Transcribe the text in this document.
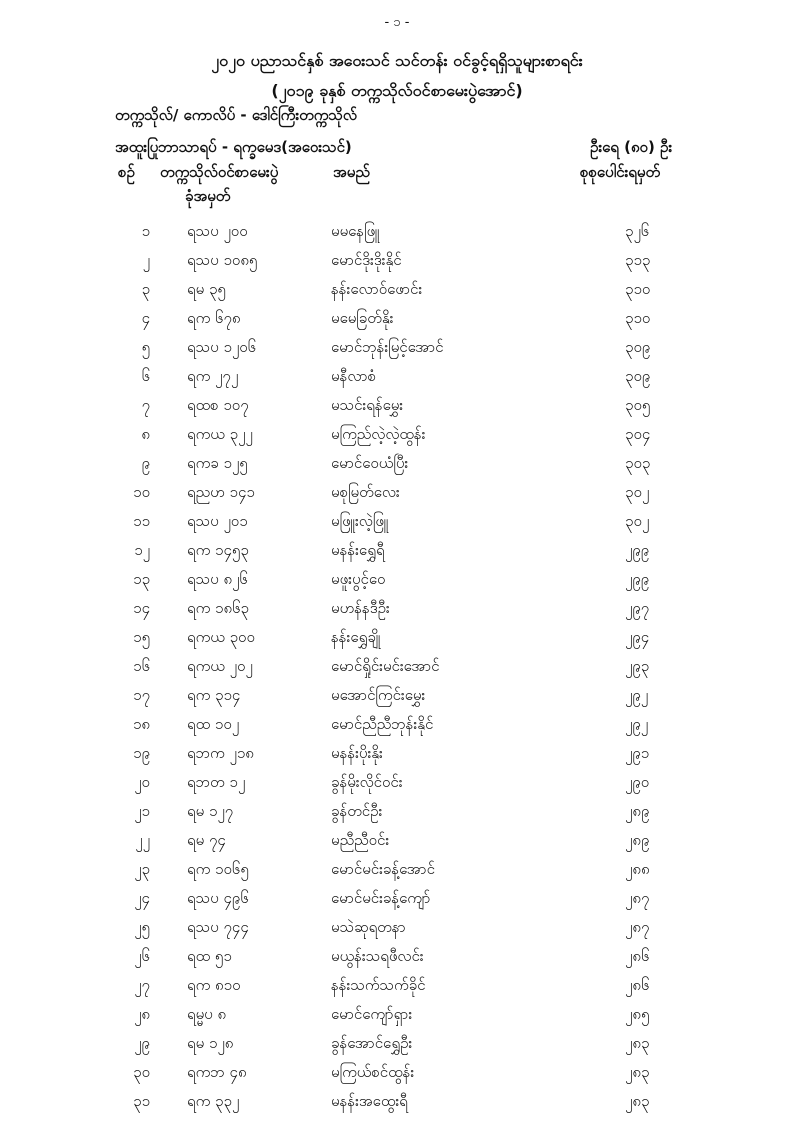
- ၁ -
၂၀၂၀ ပညာသင်နှစ် အဝေးသင် သင်တန်း ဝင်ခွင့်ရရှိသူများစာရင်း
(၂၀၁၉ ခုနှစ် တက္ကသိုလ်ဝင်စာမေးပွဲအောင်)
တက္ကသိုလ်/ ကောလိပ် - ဒေါင်ကြီးတက္ကသိုလ်
အထူးပြုဘာသာရပ် - ရက္ခမေဒ(အဝေးသင်)	ဦးရေ (၈၀) ဦး
စဉ် တက္ကသိုလ်ဝင်စာမေးပွဲ
ခုံအမှတ်
အမည်	စုစုပေါင်းရမှတ်
၁ ရသပ ၂၀၀	မမနေဖြူ	၃၂၆
၂ ရသပ ၁၀၈၅	မောင်ဒိုးဒိုးနိုင်	၃၁၃
၃ ရမ ၃၅	နန်းလောဝ်ဖောင်း	၃၁၀
၄ ရက ၆၇၈	မမေခြတ်နိုး	၃၁၀
၅ ရသပ ၁၂၀၆	မောင်ဘုန်းမြင့်အောင်	၃၀၉
၆ ရက ၂၇၂	မနီလာစံ	၃၀၉
၇ ရထစ ၁၀၇	မသင်းရန်မွှေး	၃၀၅
၈ ရကယ ၃၂၂	မကြည်လဲ့လဲ့ထွန်း	၃၀၄
၉ ရကခ ၁၂၅	မောင်ဝေယံပြီး	၃၀၃
၁၀ ရညဟ ၁၄၁	မစုမြတ်လေး	၃၀၂
၁၁ ရသပ ၂၀၁	မဖြူးလဲ့ဖြူ	၃၀၂
၁၂ ရက ၁၄၅၃	မနန်းရွှေရီ	၂၉၉
၁၃ ရသပ ၈၂၆	မဖူးပွင့်ဝေ	၂၉၉
၁၄ ရက ၁၈၆၃	မဟန်နဒီဦး	၂၉၇
၁၅ ရကယ ၃၀၀	နန်းရွှေချို	၂၉၄
၁၆ ရကယ ၂၀၂	မောင်ရှိုင်းမင်းအောင်	၂၉၃
၁၇ ရက ၃၁၄	မအောင်ကြင်းမွှေး	၂၉၂
၁၈ ရထ ၁၀၂	မောင်ညီညီဘုန်းနိုင်	၂၉၂
၁၉ ရဘက ၂၁၈	မနန်းပိုးနိုး	၂၉၁
၂၀ ရဘတ ၁၂	ခွန်မိုးလိုင်ဝင်း	၂၉၀
၂၁ ရမ ၁၂၇	ခွန်တင်ဦး	၂၈၉
၂၂ ရမ ၇၄	မညီညီဝင်း	၂၈၉
၂၃ ရက ၁၀၆၅	မောင်မင်းခန့်အောင်	၂၈၈
၂၄ ရသပ ၄၉၆	မောင်မင်းခန့်ကျော်	၂၈၇
၂၅ ရသပ ၇၄၄	မသဲဆုရတနာ	၂၈၇
၂၆ ရထ ၅၁	မယွန်းသရဖီလင်း	၂၈၆
၂၇ ရက ၈၁၀	နန်းသက်သက်ခိုင်	၂၈၆
၂၈ ရမ္မပ ၈	မောင်ကျော်ရှား	၂၈၅
၂၉ ရမ ၁၂၈	ခွန်အောင်ရွှေဦး	၂၈၃
၃၀ ရကဘ ၄၈	မကြယ်စင်ထွန်း	၂၈၃
၃၁ ရက ၃၃၂	မနန်းအထွေးရီ	၂၈၃
